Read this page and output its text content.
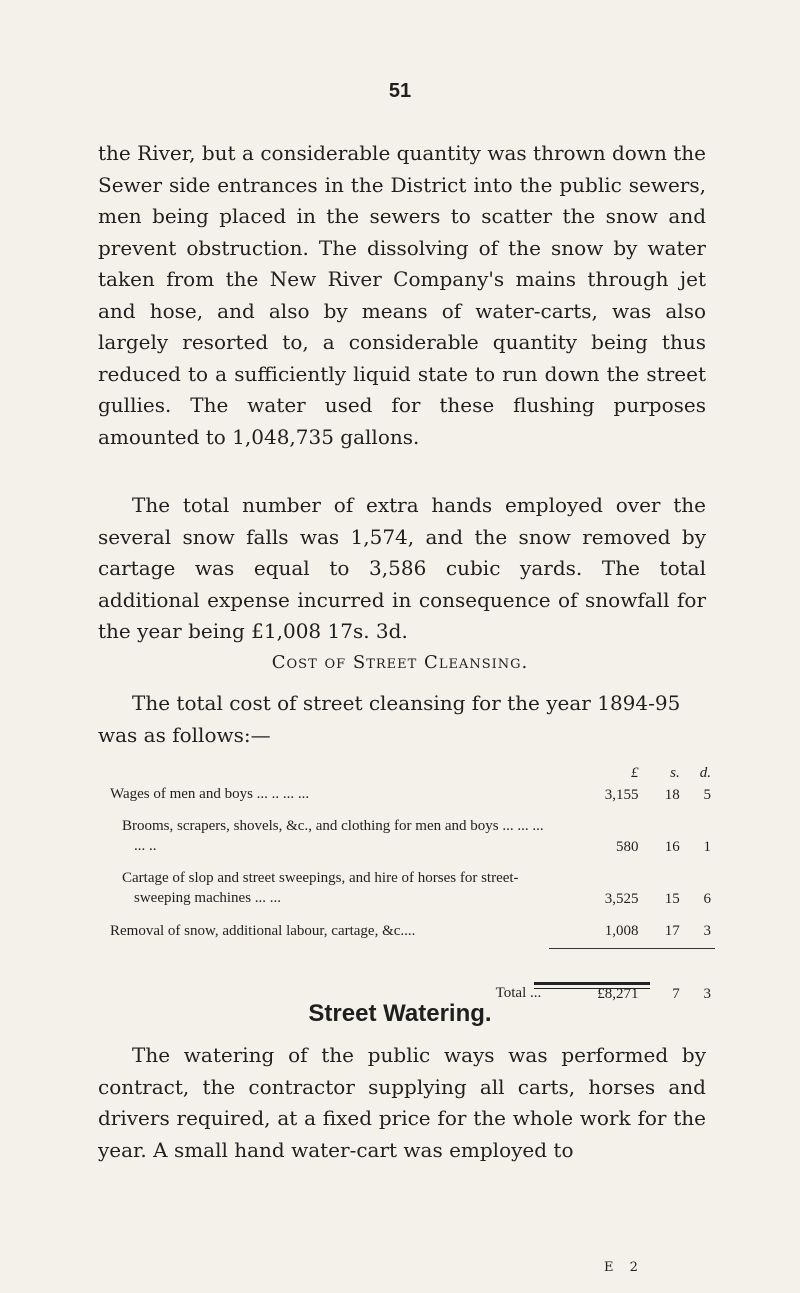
51

the River, but a considerable quantity was thrown down the Sewer side entrances in the District into the public sewers, men being placed in the sewers to scatter the snow and prevent obstruction. The dissolving of the snow by water taken from the New River Company's mains through jet and hose, and also by means of water-carts, was also largely resorted to, a considerable quantity being thus reduced to a sufficiently liquid state to run down the street gullies. The water used for these flushing purposes amounted to 1,048,735 gallons.

The total number of extra hands employed over the several snow falls was 1,574, and the snow removed by cartage was equal to 3,586 cubic yards. The total additional expense incurred in consequence of snowfall for the year being £1,008 17s. 3d.

Cost of Street Cleansing.

The total cost of street cleansing for the year 1894-95 was as follows:—

	£	s.	d.
Wages of men and boys ... .. ... ...	3,155	18	5
Brooms, scrapers, shovels, &c., and clothing for men and boys ... ... ... ... ..	580	16	1
Cartage of slop and street sweepings, and hire of horses for street-sweeping machines ... ...	3,525	15	6
Removal of snow, additional labour, cartage, &c....	1,008	17	3
Total ...	£8,271	7	3
Street Watering.

The watering of the public ways was performed by contract, the contractor supplying all carts, horses and drivers required, at a fixed price for the whole work for the year. A small hand water-cart was employed to

E 2
